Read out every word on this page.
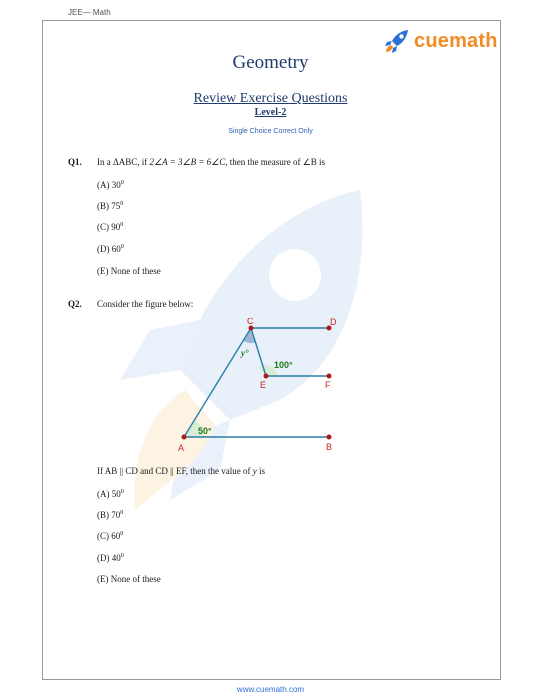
JEE— Math
cuemath
Geometry
Review Exercise Questions
Level-2
Single Choice Correct Only
Q1. In a ΔABC, if 2∠A = 3∠B = 6∠C, then the measure of ∠B is
(A) $30^0$
(B) $75^0$
(C) $90^0$
(D) $60^0$
(E) None of these
Q2. Consider the figure below:
A	B
C	D
E	F
y°
100°
50°
If AB || CD and CD || EF, then the value of y is
(A) $50^0$
(B) $70^0$
(C) $60^0$
(D) $40^0$
(E) None of these
www.cuemath.com
